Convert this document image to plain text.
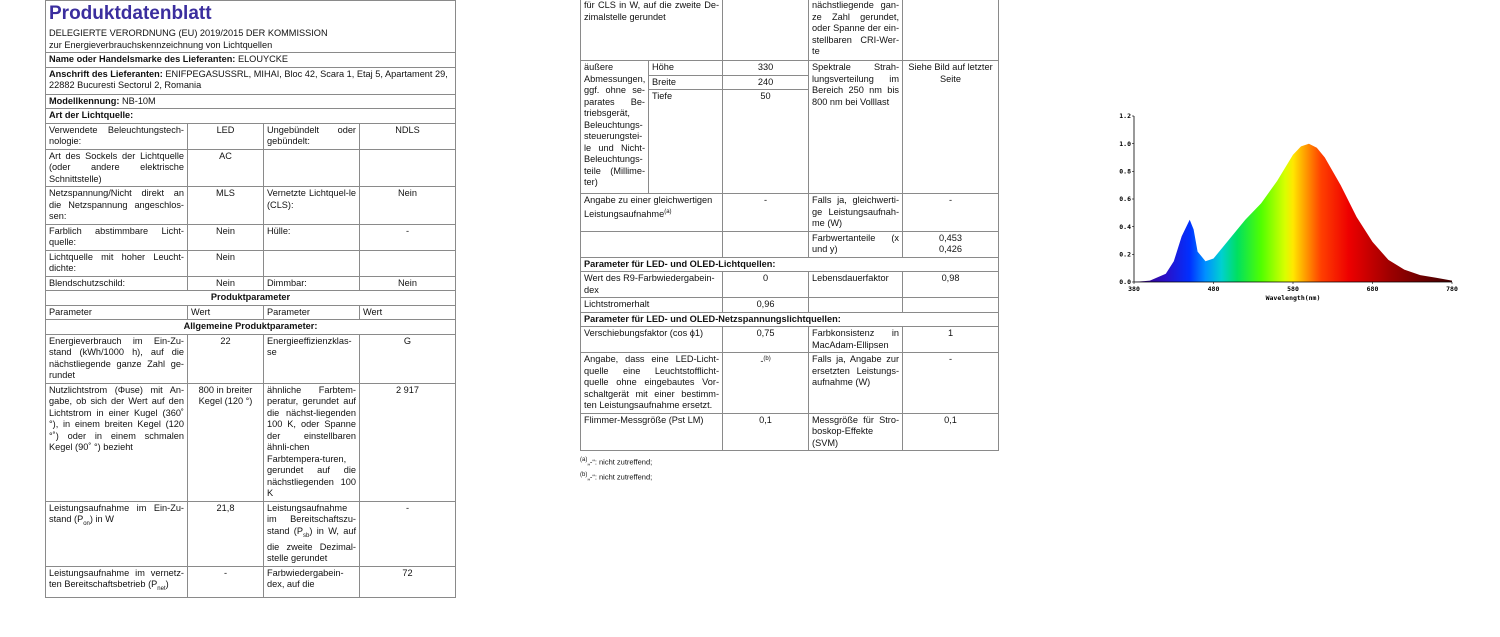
Produktdatenblatt
DELEGIERTE VERORDNUNG (EU) 2019/2015 DER KOMMISSION zur Energieverbrauchskennzeichnung von Lichtquellen			

Name oder Handelsmarke des Lieferanten: ELOUYCKE			
Anschrift des Lieferanten: ENIFPEGASUSSRL, MIHAI, Bloc 42, Scara 1, Etaj 5, Apartament 29, 22882 Bucuresti Sectorul 2, Romania			
Modellkennung: NB-10M			
Art der Lichtquelle:			
Verwendete Beleuchtungstech-nologie:	LED	Ungebündelt oder gebündelt:	NDLS
Art des Sockels der Lichtquelle (oder andere elektrische Schnittstelle)	AC		
Netzspannung/Nicht direkt an die Netzspannung angeschlos-sen:	MLS	Vernetzte Lichtquel-le (CLS):	Nein
Farblich abstimmbare Licht-quelle:	Nein	Hülle:	-
Lichtquelle mit hoher Leucht-dichte:	Nein		
Blendschutzschild:	Nein	Dimmbar:	Nein
Produktparameter			
Parameter	Wert	Parameter	Wert
Allgemeine Produktparameter:			
Energieverbrauch im Ein-Zu-stand (kWh/1000 h), auf die nächstliegende ganze Zahl ge-rundet	22	Energieeffizienzklas-se	G
Nutzlichtstrom (Φuse) mit An-gabe, ob sich der Wert auf den Lichtstrom in einer Kugel (360˚ °), in einem breiten Kegel (120 °˚) oder in einem schmalen Kegel (90˚ °) bezieht	800 in breiter Kegel (120 °)	ähnliche Farbtem-peratur, gerundet auf die nächst-liegenden 100 K, oder Spanne der einstellbaren ähnli-chen Farbtempera-turen, gerundet auf die nächstliegenden 100 K	2 917
Leistungsaufnahme im Ein-Zu-stand $(P_{on})$ in W	21,8	Leistungsaufnahme im Bereitschaftszu-stand $(P_{sb})$ in W, auf die zweite Dezimal-stelle gerundet	-
Leistungsaufnahme im vernetz-ten Bereitschaftsbetrieb $(P_{net})$	-	Farbwiedergabein-dex, auf die	72
für CLS in W, auf die zweite De-zimalstelle gerundet			nächstliegende gan-ze Zahl gerundet, oder Spanne der ein-stellbaren CRI-Wer-te	
äußere Abmessungen, ggf. ohne se-parates Be-triebsgerät, Beleuchtungs-steuerungstei-le und Nicht-Beleuchtungs-teile (Millime-ter)	Höhe	330	Spektrale Strah-lungsverteilung im Bereich 250 nm bis 800 nm bei Volllast	Siehe Bild auf letzter Seite
	Breite	240		
	Tiefe	50		
Angabe zu einer gleichwertigen Leistungsaufnahme$^{(a)}$		-	Falls ja, gleichwerti-ge Leistungsaufnah-me (W)	-
			Farbwertanteile (x und y)	0,453
0,426

Parameter für LED- und OLED-Lichtquellen:				
Wert des R9-Farbwiedergabein-dex		0	Lebensdauerfaktor	0,98
Lichtstromerhalt		0,96		
Parameter für LED- und OLED-Netzspannungslichtquellen:				
Verschiebungsfaktor (cos ϕ1)		0,75	Farbkonsistenz in MacAdam-Ellipsen	1
Angabe, dass eine LED-Licht-quelle eine Leuchtstofflicht-quelle ohne eingebautes Vor-schaltgerät mit einer bestimm-ten Leistungsaufnahme ersetzt.		-$^{(b)}$	Falls ja, Angabe zur ersetzten Leistungs-aufnahme (W)	-
Flimmer-Messgröße (Pst LM)		0,1	Messgröße für Stro-boskop-Effekte (SVM)	0,1
$^{(a)}$„-“: nicht zutreffend;
$^{(b)}$„-“: nicht zutreffend;
0.0
0.2
0.4
0.6
0.8
1.0
1.2
380	480	580	680	780
Wavelength(nm)
